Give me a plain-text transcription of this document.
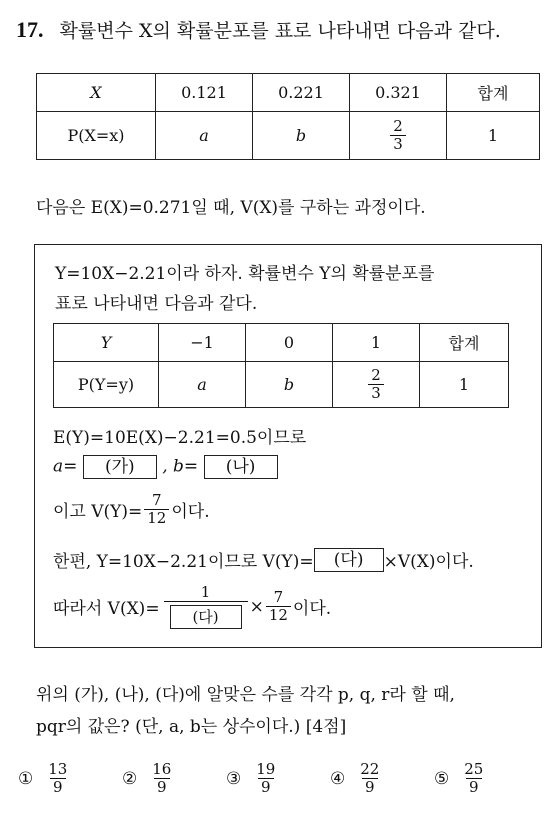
17. 확률변수 X의 확률분포를 표로 나타내면 다음과 같다.
X	0.121	0.221	0.321	합계
P(X=x)	a	b	$\frac{2}{3}$	1
다음은 E(X)=0.271일 때, V(X)를 구하는 과정이다.
Y=10X−2.21이라 하자. 확률변수 Y의 확률분포를
표로 나타내면 다음과 같다.
Y	−1	0	1	합계
P(Y=y)	a	b	$\frac{2}{3}$	1
E(Y)=10E(X)−2.21=0.5이므로
a= (가) , b= (나)
이고 $V(Y)= \frac{7}{12}$ 이다.
한편, Y=10X−2.21이므로 V(Y)=	(다)	×V(X)이다.
따라서 $V(X)= \frac{1}{\text{(다)}} \times \frac{7}{12}$ 이다.
위의 (가), (나), (다)에 알맞은 수를 각각 p, q, r라 할 때,
pqr의 값은? (단, a, b는 상수이다.) [4점]
① $\frac{13}{9}$	② $\frac{16}{9}$	③ $\frac{19}{9}$	④ $\frac{22}{9}$	⑤ $\frac{25}{9}$
